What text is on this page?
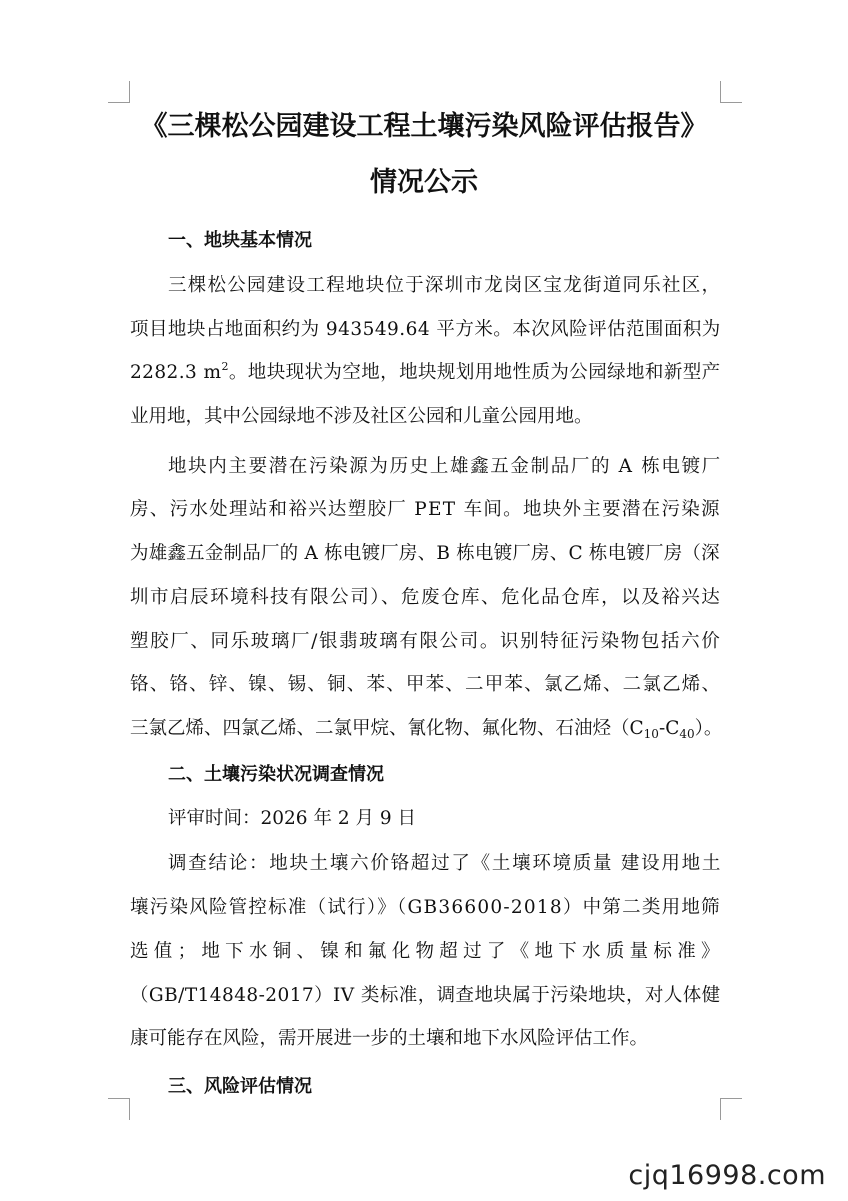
《三棵松公园建设工程土壤污染风险评估报告》
情况公示
一、地块基本情况
三棵松公园建设工程地块位于深圳市龙岗区宝龙街道同乐社区，
项目地块占地面积约为 943549.64 平方米。本次风险评估范围面积为
2282.3 $m^2$。地块现状为空地，地块规划用地性质为公园绿地和新型产
业用地，其中公园绿地不涉及社区公园和儿童公园用地。
地块内主要潜在污染源为历史上雄鑫五金制品厂的 A 栋电镀厂
房、污水处理站和裕兴达塑胶厂 PET 车间。地块外主要潜在污染源
为雄鑫五金制品厂的 A 栋电镀厂房、B 栋电镀厂房、C 栋电镀厂房（深
圳市启辰环境科技有限公司）、危废仓库、危化品仓库，以及裕兴达
塑胶厂、同乐玻璃厂/银翡玻璃有限公司。识别特征污染物包括六价
铬、铬、锌、镍、锡、铜、苯、甲苯、二甲苯、氯乙烯、二氯乙烯、
三氯乙烯、四氯乙烯、二氯甲烷、氰化物、氟化物、石油烃$(C_{10}-C_{40})$。
二、土壤污染状况调查情况
评审时间：2026 年 2 月 9 日
调查结论：地块土壤六价铬超过了《土壤环境质量 建设用地土
壤污染风险管控标准（试行）》（GB36600-2018）中第二类用地筛
选值；地下水铜、镍和氟化物超过了《地下水质量标准》
（GB/T14848-2017）IV 类标准，调查地块属于污染地块，对人体健
康可能存在风险，需开展进一步的土壤和地下水风险评估工作。
三、风险评估情况
cjq16998.com
